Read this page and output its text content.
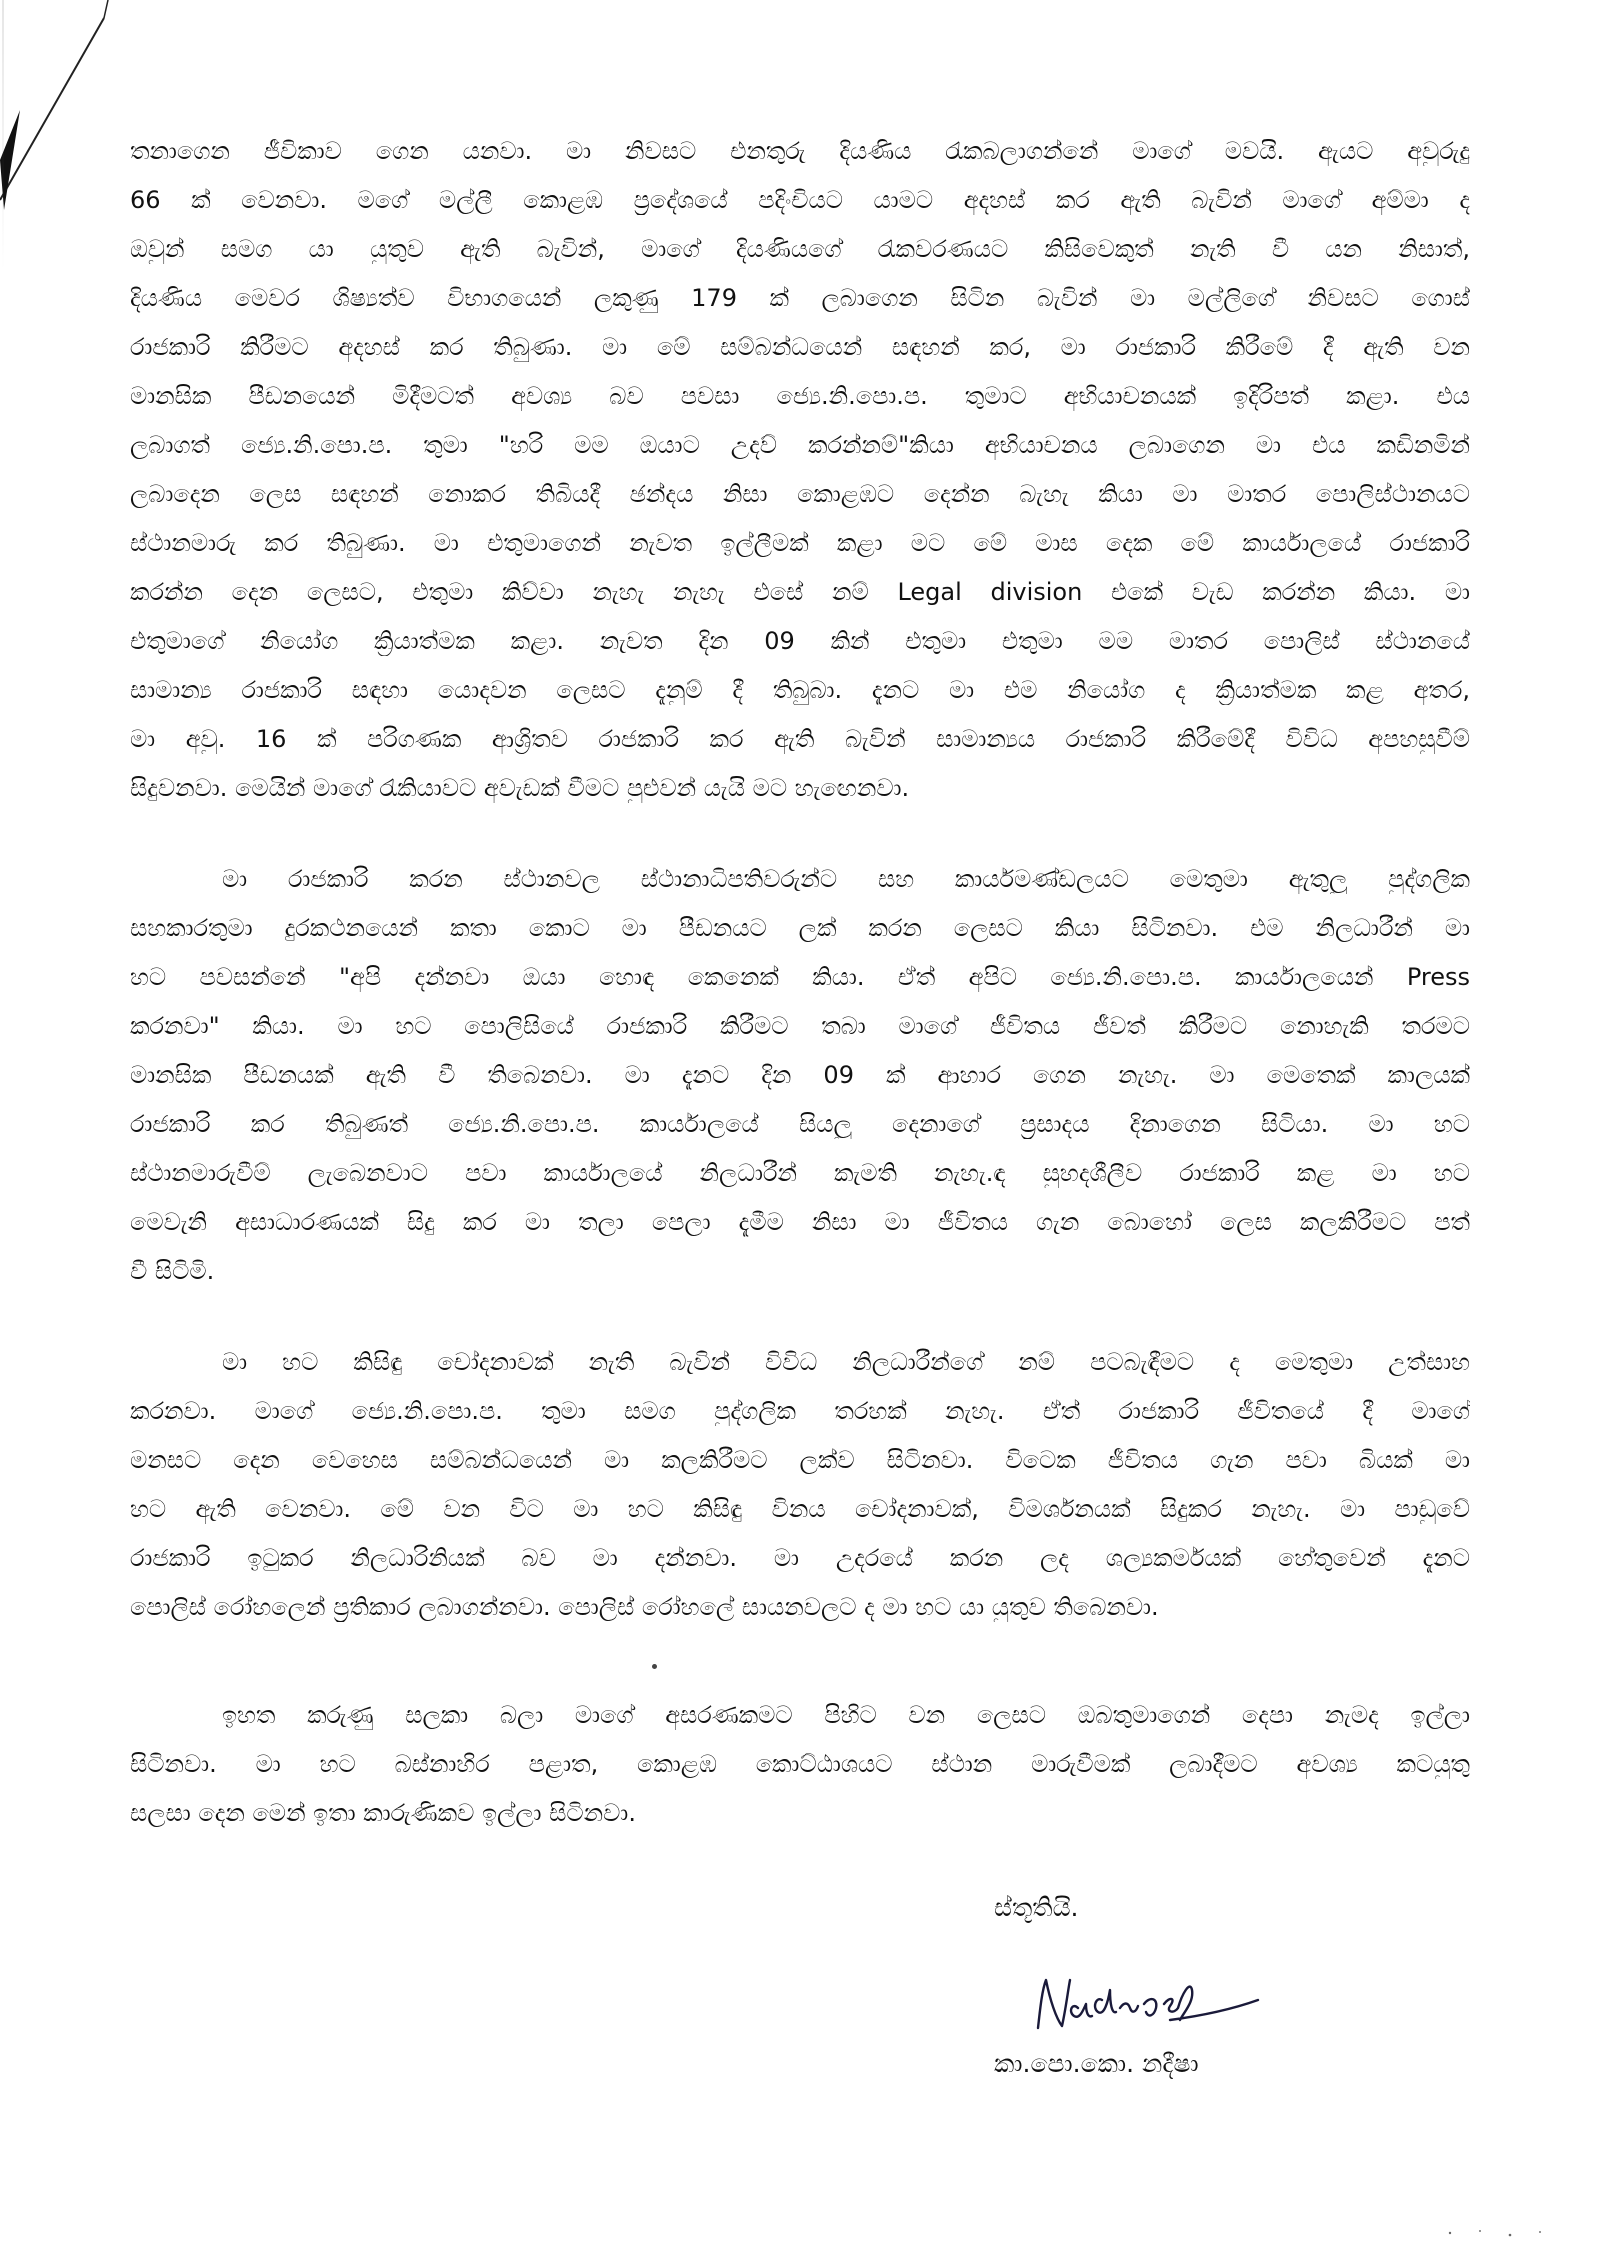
තනාගෙන ජීවිකාව ගෙන යනවා. මා නිවසට එනතුරු දියණිය රැකබලාගන්නේ මාගේ මවයි. ඇයට අවුරුදු
66 ක් වෙනවා. මගේ මල්ලී කොළඹ ප්‍රදේශයේ පදිංචියට යාමට අදහස් කර ඇති බැවින් මාගේ අම්මා ද
ඔවුන් සමග යා යුතුව ඇති බැවින්, මාගේ දියණියගේ රැකවරණයට කිසිවෙකුත් නැති වී යන නිසාත්,
දියණිය මෙවර ශිෂ්‍යත්ව විභාගයෙන් ලකුණු 179 ක් ලබාගෙන සිටින බැවින් මා මල්ලිගේ නිවසට ගොස්
රාජකාරි කිරීමට අදහස් කර තිබුණා. මා මේ සම්බන්ධයෙන් සඳහන් කර, මා රාජකාරි කිරීමේ දී ඇති වන
මානසික පීඩනයෙන් මිදීමටත් අවශ්‍ය බව පවසා ජ්‍යෙ.නි.පො.ප. තුමාට අභියාචනයක් ඉදිරිපත් කළා. එය
ලබාගත් ජ්‍යෙ.නි.පො.ප. තුමා "හරි මම ඔයාට උදව් කරන්නම්"කියා අභියාචනය ලබාගෙන මා එය කඩිනමින්
ලබාදෙන ලෙස සඳහන් නොකර තිබියදී ඡන්දය නිසා කොළඹට දෙන්න බැහැ කියා මා මාතර පොලිස්ථානයට
ස්ථානමාරු කර තිබුණා. මා එතුමාගෙන් නැවත ඉල්ලීමක් කළා මට මේ මාස දෙක මේ කාර්යාලයේ රාජකාරි
කරන්න දෙන ලෙසට, එතුමා කිව්වා නැහැ නැහැ එසේ නම් Legal division එකේ වැඩ කරන්න කියා. මා
එතුමාගේ නියෝග ක්‍රියාත්මක කළා. නැවත දින 09 කින් එතුමා එතුමා මම මාතර පොලිස් ස්ථානයේ
සාමාන්‍ය රාජකාරි සඳහා යොදවන ලෙසට දැනුම් දී තිබුබා. දැනට මා එම නියෝග ද ක්‍රියාත්මක කළ අතර,
මා අවු. 16 ක් පරිගණක ආශ්‍රිතව රාජකාරි කර ඇති බැවින් සාමාන්‍යය රාජකාරි කිරීමේදී විවිධ අපහසුවීම්
සිදුවනවා. මෙයින් මාගේ රැකියාවට අවැඩක් වීමට පුළුවන් යැයි මට හැඟෙනවා.
මා රාජකාරි කරන ස්ථානවල ස්ථානාධිපතිවරුන්ට සහ කාර්යමණ්ඩලයට මෙතුමා ඇතුලු පුද්ගලික
සහකාරතුමා දුරකථනයෙන් කතා කොට මා පීඩනයට ලක් කරන ලෙසට කියා සිටිනවා. එම නිලධාරීන් මා
හට පවසන්නේ "අපි දන්නවා ඔයා හොඳ කෙනෙක් කියා. ඒත් අපිට ජ්‍යෙ.නි.පො.ප. කාර්යාලයෙන් Press
කරනවා" කියා. මා හට පොලිසියේ රාජකාරි කිරීමට තබා මාගේ ජීවිතය ජීවත් කිරීමට නොහැකි තරමට
මානසික පීඩනයක් ඇති වී තිබෙනවා. මා දැනට දින 09 ක් ආහාර ගෙන නැහැ. මා මෙතෙක් කාලයක්
රාජකාරි කර තිබුණත් ජ්‍යෙ.නි.පො.ප. කාර්යාලයේ සියලු දෙනාගේ ප්‍රසාදය දිනාගෙන සිටියා. මා හට
ස්ථානමාරුවීම් ලැබෙනවාට පවා කාර්යාලයේ නිලධාරීන් කැමති නැහැ.ඳ සුහදශීලීව රාජකාරි කළ මා හට
මෙවැනි අසාධාරණයක් සිදු කර මා තලා පෙලා දැමීම නිසා මා ජීවිතය ගැන බොහෝ ලෙස කලකිරීමට පත්
වී සිටිමි.
මා හට කිසිඳු චෝදනාවක් නැති බැවින් විවිධ නිලධාරීන්ගේ නම් පටබැඳීමට ද මෙතුමා උත්සාහ
කරනවා. මාගේ ජ්‍යෙ.නි.පො.ප. තුමා සමග පුද්ගලික තරහක් නැහැ. ඒත් රාජකාරි ජීවිතයේ දී මාගේ
මනසට දෙන වෙහෙස සම්බන්ධයෙන් මා කලකිරීමට ලක්ව සිටිනවා. විටෙක ජීවිතය ගැන පවා බියක් මා
හට ඇති වෙනවා. මේ වන විට මා හට කිසිඳු විනය චෝදනාවක්, විමර්ශනයක් සිදුකර නැහැ. මා පාඩුවේ
රාජකාරි ඉටුකර නිලධාරිනියක් බව මා දන්නවා. මා උදරයේ කරන ලද ශල්‍යකර්මයක් හේතුවෙන් දැනට
පොලිස් රෝහලෙන් ප්‍රතිකාර ලබාගන්නවා. පොලිස් රෝහලේ සායනවලට ද මා හට යා යුතුව තිබෙනවා.
ඉහත කරුණු සලකා බලා මාගේ අසරණකමට පිහිට වන ලෙසට ඔබතුමාගෙන් දෙපා නැමද ඉල්ලා
සිටිනවා. මා හට බස්නාහිර පළාත, කොළඹ කොට්ඨාශයට ස්ථාන මාරුවීමක් ලබාදීමට අවශ්‍ය කටයුතු
සලසා දෙන මෙන් ඉතා කාරුණිකව ඉල්ලා සිටිනවා.
ස්තූතියි.
කා.පො.කො. නදීෂා
